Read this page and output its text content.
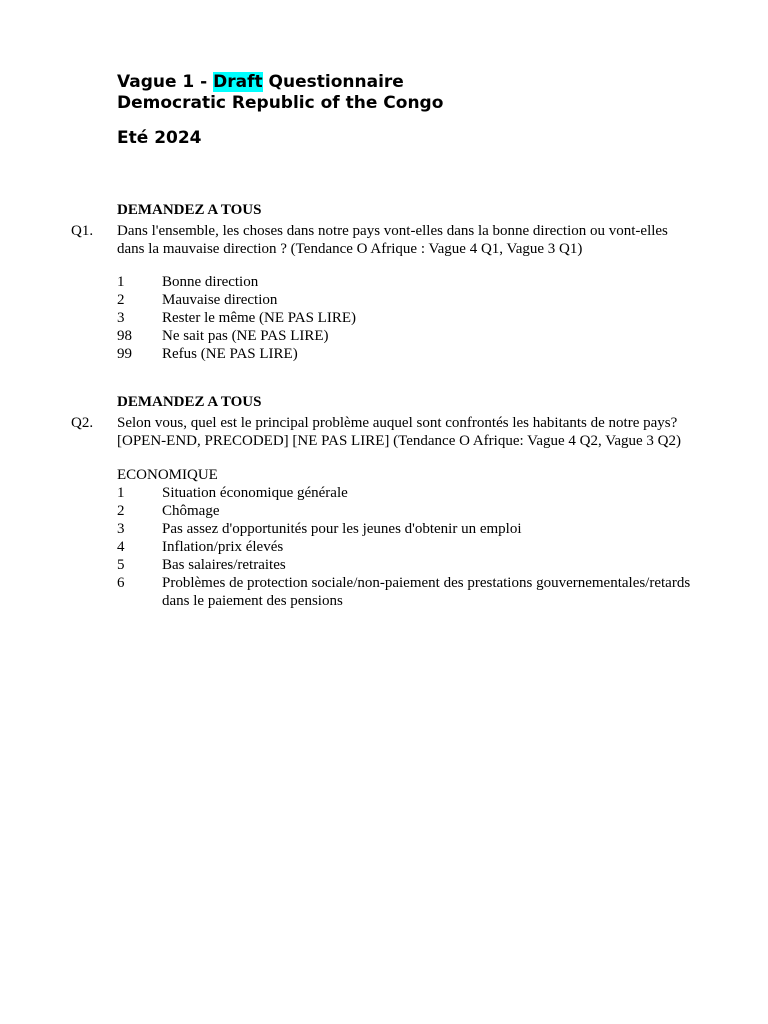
Vague 1 - Draft Questionnaire
Democratic Republic of the Congo
Eté 2024
DEMANDEZ A TOUS
Q1. Dans l'ensemble, les choses dans notre pays vont-elles dans la bonne direction ou vont-elles dans la mauvaise direction ? (Tendance O Afrique : Vague 4 Q1, Vague 3 Q1)
1	Bonne direction
2	Mauvaise direction
3	Rester le même (NE PAS LIRE)
98	Ne sait pas (NE PAS LIRE)
99	Refus (NE PAS LIRE)
DEMANDEZ A TOUS
Q2. Selon vous, quel est le principal problème auquel sont confrontés les habitants de notre pays? [OPEN-END, PRECODED] [NE PAS LIRE] (Tendance O Afrique: Vague 4 Q2, Vague 3 Q2)
ECONOMIQUE
1	Situation économique générale
2	Chômage
3	Pas assez d'opportunités pour les jeunes d'obtenir un emploi
4	Inflation/prix élevés
5	Bas salaires/retraites
6	Problèmes de protection sociale/non-paiement des prestations gouvernementales/retards dans le paiement des pensions
